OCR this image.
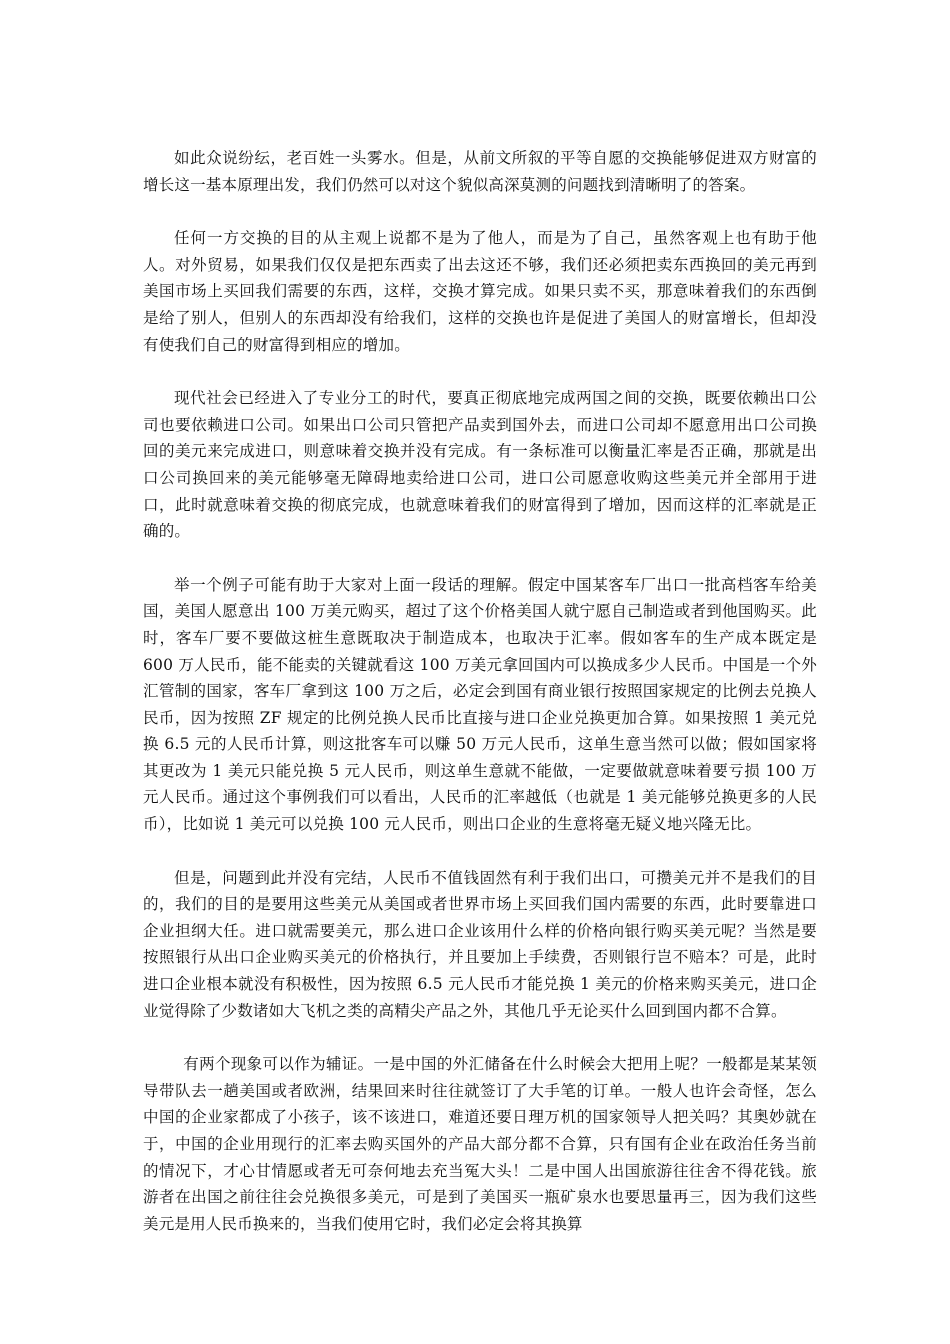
如此众说纷纭，老百姓一头雾水。但是，从前文所叙的平等自愿的交换能够促进双方财富的增长这一基本原理出发，我们仍然可以对这个貌似高深莫测的问题找到清晰明了的答案。

任何一方交换的目的从主观上说都不是为了他人，而是为了自己，虽然客观上也有助于他人。对外贸易，如果我们仅仅是把东西卖了出去这还不够，我们还必须把卖东西换回的美元再到美国市场上买回我们需要的东西，这样，交换才算完成。如果只卖不买，那意味着我们的东西倒是给了别人，但别人的东西却没有给我们，这样的交换也许是促进了美国人的财富增长，但却没有使我们自己的财富得到相应的增加。

现代社会已经进入了专业分工的时代，要真正彻底地完成两国之间的交换，既要依赖出口公司也要依赖进口公司。如果出口公司只管把产品卖到国外去，而进口公司却不愿意用出口公司换回的美元来完成进口，则意味着交换并没有完成。有一条标准可以衡量汇率是否正确，那就是出口公司换回来的美元能够毫无障碍地卖给进口公司，进口公司愿意收购这些美元并全部用于进口，此时就意味着交换的彻底完成，也就意味着我们的财富得到了增加，因而这样的汇率就是正确的。

举一个例子可能有助于大家对上面一段话的理解。假定中国某客车厂出口一批高档客车给美国，美国人愿意出 100 万美元购买，超过了这个价格美国人就宁愿自己制造或者到他国购买。此时，客车厂要不要做这桩生意既取决于制造成本，也取决于汇率。假如客车的生产成本既定是 600 万人民币，能不能卖的关键就看这 100 万美元拿回国内可以换成多少人民币。中国是一个外汇管制的国家，客车厂拿到这 100 万之后，必定会到国有商业银行按照国家规定的比例去兑换人民币，因为按照 ZF 规定的比例兑换人民币比直接与进口企业兑换更加合算。如果按照 1 美元兑换 6.5 元的人民币计算，则这批客车可以赚 50 万元人民币，这单生意当然可以做；假如国家将其更改为 1 美元只能兑换 5 元人民币，则这单生意就不能做，一定要做就意味着要亏损 100 万元人民币。通过这个事例我们可以看出，人民币的汇率越低（也就是 1 美元能够兑换更多的人民币），比如说 1 美元可以兑换 100 元人民币，则出口企业的生意将毫无疑义地兴隆无比。

但是，问题到此并没有完结，人民币不值钱固然有利于我们出口，可攒美元并不是我们的目的，我们的目的是要用这些美元从美国或者世界市场上买回我们国内需要的东西，此时要靠进口企业担纲大任。进口就需要美元，那么进口企业该用什么样的价格向银行购买美元呢？当然是要按照银行从出口企业购买美元的价格执行，并且要加上手续费，否则银行岂不赔本？可是，此时进口企业根本就没有积极性，因为按照 6.5 元人民币才能兑换 1 美元的价格来购买美元，进口企业觉得除了少数诸如大飞机之类的高精尖产品之外，其他几乎无论买什么回到国内都不合算。

有两个现象可以作为辅证。一是中国的外汇储备在什么时候会大把用上呢？一般都是某某领导带队去一趟美国或者欧洲，结果回来时往往就签订了大手笔的订单。一般人也许会奇怪，怎么中国的企业家都成了小孩子，该不该进口，难道还要日理万机的国家领导人把关吗？其奥妙就在于，中国的企业用现行的汇率去购买国外的产品大部分都不合算，只有国有企业在政治任务当前的情况下，才心甘情愿或者无可奈何地去充当冤大头！二是中国人出国旅游往往舍不得花钱。旅游者在出国之前往往会兑换很多美元，可是到了美国买一瓶矿泉水也要思量再三，因为我们这些美元是用人民币换来的，当我们使用它时，我们必定会将其换算
